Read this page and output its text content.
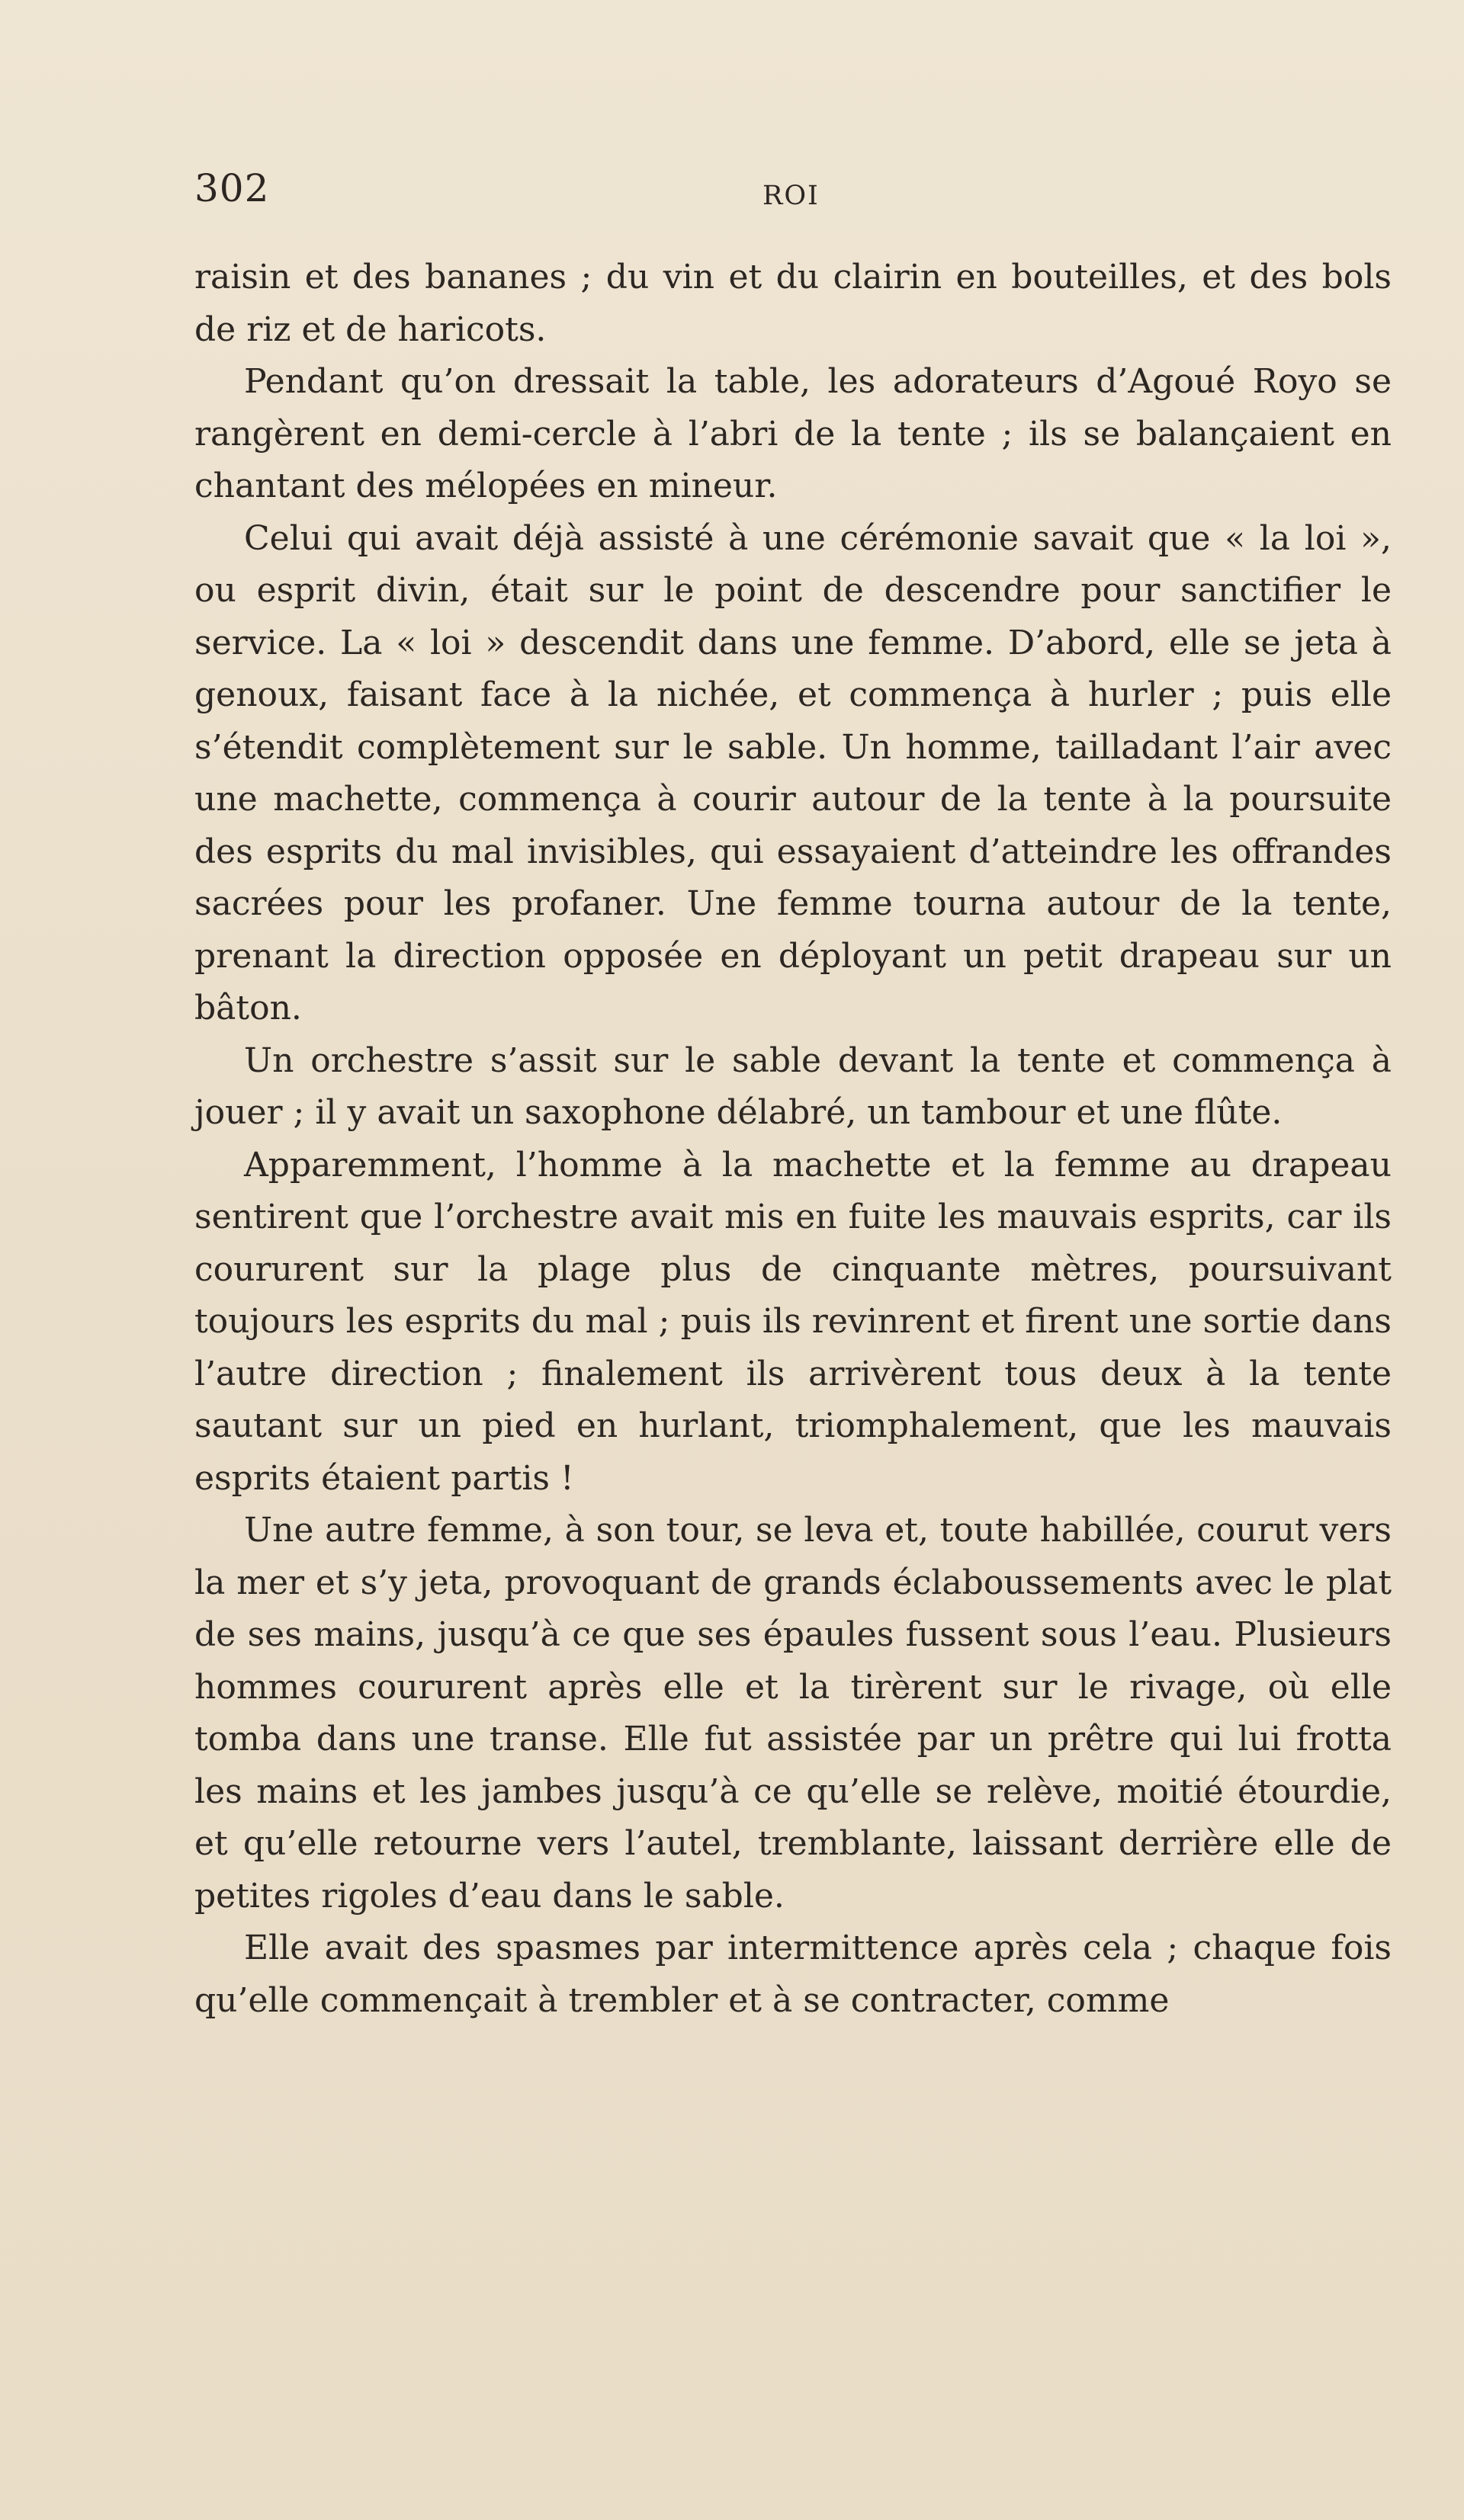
302	ROI

raisin et des bananes ; du vin et du clairin en bouteilles, et des bols de riz et de haricots.

Pendant qu’on dressait la table, les adorateurs d’Agoué Royo se rangèrent en demi-cercle à l’abri de la tente ; ils se balançaient en chantant des mélopées en mineur.

Celui qui avait déjà assisté à une cérémonie savait que « la loi », ou esprit divin, était sur le point de descendre pour sanctifier le service. La « loi » descendit dans une femme. D’abord, elle se jeta à genoux, faisant face à la nichée, et commença à hurler ; puis elle s’étendit complètement sur le sable. Un homme, tailladant l’air avec une machette, commença à courir autour de la tente à la poursuite des esprits du mal invisibles, qui essayaient d’atteindre les offrandes sacrées pour les profaner. Une femme tourna autour de la tente, prenant la direction opposée en déployant un petit drapeau sur un bâton.

Un orchestre s’assit sur le sable devant la tente et commença à jouer ; il y avait un saxophone délabré, un tambour et une flûte.

Apparemment, l’homme à la machette et la femme au drapeau sentirent que l’orchestre avait mis en fuite les mauvais esprits, car ils coururent sur la plage plus de cinquante mètres, poursuivant toujours les esprits du mal ; puis ils revinrent et firent une sortie dans l’autre direction ; finalement ils arrivèrent tous deux à la tente sautant sur un pied en hurlant, triomphalement, que les mauvais esprits étaient partis !

Une autre femme, à son tour, se leva et, toute habillée, courut vers la mer et s’y jeta, provoquant de grands éclaboussements avec le plat de ses mains, jusqu’à ce que ses épaules fussent sous l’eau. Plusieurs hommes coururent après elle et la tirèrent sur le rivage, où elle tomba dans une transe. Elle fut assistée par un prêtre qui lui frotta les mains et les jambes jusqu’à ce qu’elle se relève, moitié étourdie, et qu’elle retourne vers l’autel, tremblante, laissant derrière elle de petites rigoles d’eau dans le sable.

Elle avait des spasmes par intermittence après cela ; chaque fois qu’elle commençait à trembler et à se contracter, comme
